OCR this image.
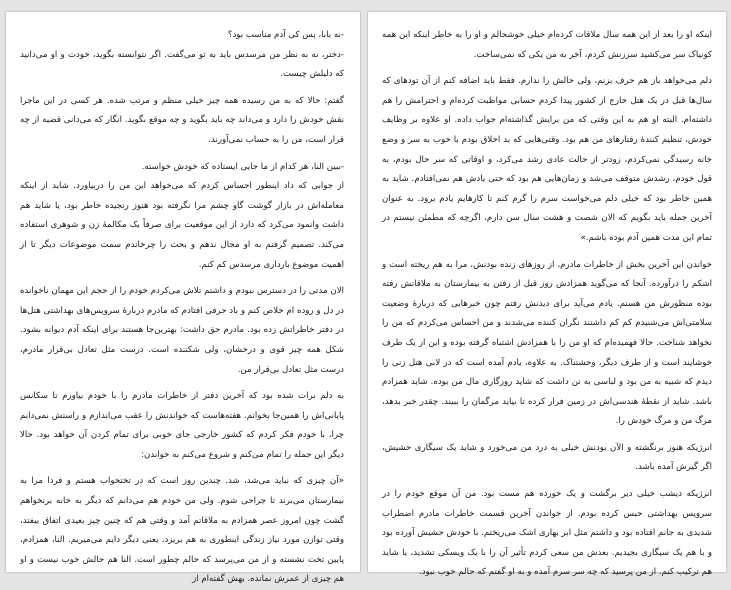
-نه بابا، پس کی آدم مناسب بود؟

-دختر، نه به نظر من مرسدس باید به تو می‌گفت. اگر نتوانسته بگوید، خودت و او می‌دانید که دلیلش چیست.

گفتم: حالا که به من رسیده همه چیز خیلی منظم و مرتب شده. هر کسی در این ماجرا نقش خودش را دارد و می‌داند چه باید بگوید و چه موقع بگوید. انگار که می‌دانی قضیه از چه قرار است، من را به حساب نمی‌آورند.

-ببین النا، هر کدام از ما جایی ایستاده که خودش خواسته.

از جوابی که داد اینطور احساس کردم که می‌خواهد این من را دربیاورد. شاید از اینکه معامله‌اش در بازار گوشت گاو چشم مرا نگرفته بود هنوز رنجیده خاطر بود، یا شاید هم داشت وانمود می‌کرد که دارد از این موقعیت برای صرفاً یک مکالمهٔ زن و شوهری استفاده می‌کند. تصمیم گرفتم به او مجال ندهم و بحث را چرخاندم سمت موضوعات دیگر تا از اهمیت موضوع بارداری مرسدس کم کنم.

الان مدتی را در دسترس نبودم و داشتم تلاش می‌کردم خودم را از حجم این مهمان ناخوانده در دل و روده ام خلاص کنم و باد حرفی افتادم که مادرم دربارهٔ سرویس‌های بهداشتی هتل‌ها در دفتر خاطراتش زده بود. مادرم حق داشت: بهترین‌جا هستند برای اینکه آدم دیوانه بشود. شکل همه چیز قوی و درخشان، ولی شکننده است. درست مثل تعادل بی‌قرار مادرم، درست مثل تعادل بی‌قرار من.

به دلم برات شده بود که آخرین دفتر از خاطرات مادرم را با خودم بیاورم تا سکانس پایانی‌اش را همین‌جا بخوانم. هفته‌هاست که خواندنش را عقب می‌اندازم و راستش نمی‌دانم چرا، با خودم فکر کردم که کشور خارجی جای خوبی برای تمام کردن آن خواهد بود. حالا دیگر این جمله را تمام می‌کنم و شروع می‌کنم به خواندن:

«آن چیزی که نباید می‌شد، شد. چندین روز است که در تختخواب هستم و فردا مرا به بیمارستان می‌برند تا جراحی شوم. ولی من خودم هم می‌دانم که دیگر به خانه برنخواهم گشت چون امروز عصر همزادم به ملاقاتم آمد و وقتی هم که چنین چیز بعیدی اتفاق بیفتد، وقتی توازن مورد نیاز زندگی اینطوری به هم بریزد، یعنی دیگر دایم می‌میریم. النا، همزادم، پایین تخت نشسته و از من می‌پرسد که حالم چطور است. النا هم حالش خوب نیست و او هم چیزی از عمرش نمانده. بهش گفته‌ام از

اینکه او را بعد از این همه سال ملاقات کرده‌ام خیلی خوشحالم و او را به خاطر اینکه این همه کونیاک سر می‌کشید سرزنش کردم، آخر به من یکی که نمی‌ساخت.

دلم می‌خواهد باز هم حرف بزنم، ولی حالش را ندارم. فقط باید اضافه کنم از آن تودهای که سال‌ها قبل در یک هتل خارج از کشور پیدا کردم حسابی مواظبت کرده‌ام و احترامش را هم داشته‌ام. البته او هم به این وقتی که من برایش گذاشته‌ام جواب داده. او علاوه بر وظایف خودش، تنظیم کنندهٔ رفتارهای من هم بود. وقتی‌هایی که بد اخلاق بودم با خوب به سر و وضع خانه رسیدگی نمی‌کردم، زودتر از حالت عادی رشد می‌کرد، و اوقاتی که سر حال بودم، به قول خودم، رشدش متوقف می‌شد و زمان‌هایی هم بود که حتی یادش هم نمی‌افتادم. شاید به همین خاطر بود که خیلی دلم می‌خواست سرم را گرم کنم تا کارهایم یادم برود. به عنوان آخرین جمله باید بگویم که الان شصت و هشت سال سن دارم، اگرچه که مطمئن نیستم در تمام این مدت همین آدم بوده باشم.»

خواندن این آخرین بخش از خاطرات مادرم، از روزهای زنده بودنش، مرا به هم ریخته است و اشکم را درآورده. آنجا که می‌گوید همزادش روز قبل از رفتن به بیمارستان به ملاقاتش رفته بوده منظورش من هستم. یادم می‌آید برای دیدنش رفتم چون خبرهایی که دربارهٔ وضعیت سلامتی‌اش می‌شنیدم کم کم داشتند نگران کننده می‌شدند و من احساس می‌کردم که من را نخواهد شناخت. حالا فهمیده‌ام که او من را با همزادش اشتباه گرفته بوده و این از یک طرف خوشایند است و از طرف دیگر، وحشتناک. به علاوه، یادم آمده است که در لابی هتل زنی را دیدم که شبیه به من بود و لباسی به تن داشت که شاید روزگاری مال من بوده. شاید همزادم باشد. شاید از نقطهٔ هندسی‌اش در زمین فرار کرده تا بیاید مرگمان را ببیند. چقدر خبر بدهد، مرگ من و مرگ خودش را.

انرژیکه هنوز برنگشته و الآن بودنش خیلی به درد من می‌خورد و شاید یک سیگاری حشیش، اگر گیرش آمده باشد.

انرژیکه دیشب خیلی دیر برگشت و یک خورده هم مست بود. من آن موقع خودم را در سرویس بهداشتی حبس کرده بودم. از خواندن آخرین قسمت خاطرات مادرم اضطراب شدیدی به جانم افتاده بود و داشتم مثل ابر بهاری اشک می‌ریختم. با خودش حشیش آورده بود و با هم یک سیگاری بجیدیم. بعدش من سعی کردم تأثیر آن را با یک ویسکی تشدید، یا شاید هم ترکیب کنم. از من پرسید که چه سر سرم آمده و به او گفتم که حالم خوب نبود.
